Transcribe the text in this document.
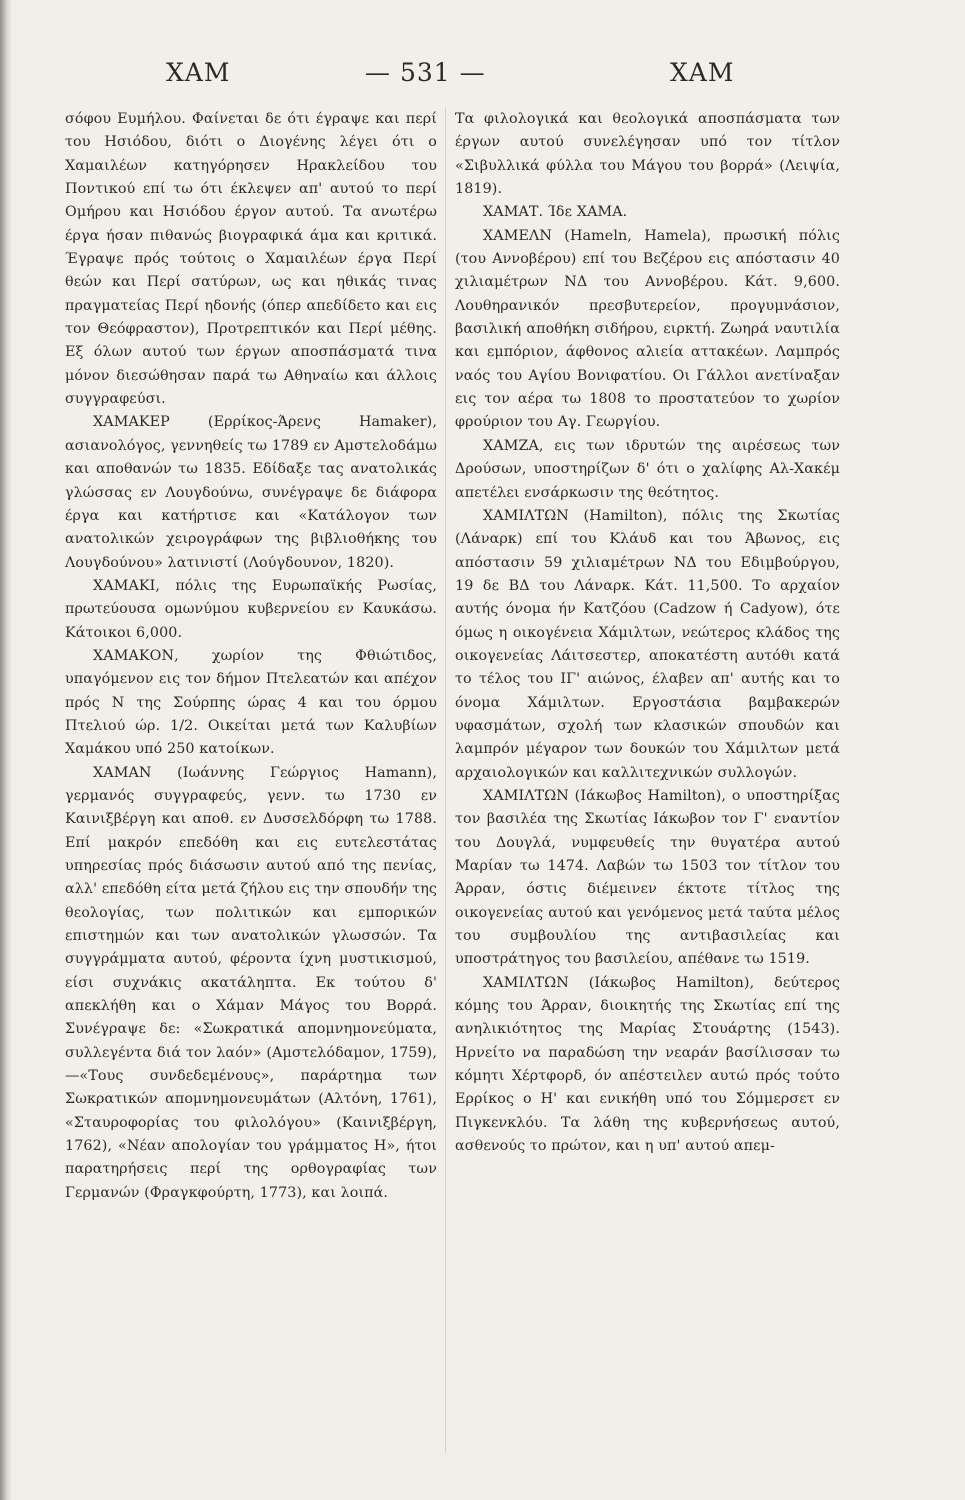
ΧΑΜ	— 531 —	ΧΑΜ

σόφου Ευμήλου. Φαίνεται δε ότι έγραψε και περί του Ησιόδου, διότι ο Διογένης λέγει ότι ο Χαμαιλέων κατηγόρησεν Ηρακλείδου του Ποντικού επί τω ότι έκλεψεν απ' αυτού το περί Ομήρου και Ησιόδου έργον αυτού. Τα ανωτέρω έργα ήσαν πιθανώς βιογραφικά άμα και κριτικά. Έγραψε πρός τούτοις ο Χαμαιλέων έργα Περί θεών και Περί σατύρων, ως και ηθικάς τινας πραγματείας Περί ηδονής (όπερ απεδίδετο και εις τον Θεόφραστον), Προτρεπτικόν και Περί μέθης. Εξ όλων αυτού των έργων αποσπάσματά τινα μόνον διεσώθησαν παρά τω Αθηναίω και άλλοις συγγραφεύσι.

ΧΑΜΑΚΕΡ (Ερρίκος-Άρενς Hamaker), ασιανολόγος, γεννηθείς τω 1789 εν Αμστελοδάμω και αποθανών τω 1835. Εδίδαξε τας ανατολικάς γλώσσας εν Λουγδούνω, συνέγραψε δε διάφορα έργα και κατήρτισε και «Κατάλογον των ανατολικών χειρογράφων της βιβλιοθήκης του Λουγδούνου» λατινιστί (Λούγδουνον, 1820).

ΧΑΜΑΚΙ, πόλις της Ευρωπαϊκής Ρωσίας, πρωτεύουσα ομωνύμου κυβερνείου εν Καυκάσω. Κάτοικοι 6,000.

ΧΑΜΑΚΟΝ, χωρίον της Φθιώτιδος, υπαγόμενον εις τον δήμον Πτελεατών και απέχον πρός Ν της Σούρπης ώρας 4 και του όρμου Πτελιού ώρ. 1/2. Οικείται μετά των Καλυβίων Χαμάκου υπό 250 κατοίκων.

ΧΑΜΑΝ (Ιωάννης Γεώργιος Hamann), γερμανός συγγραφεύς, γενν. τω 1730 εν Καινιξβέργη και αποθ. εν Δυσσελδόρφη τω 1788. Επί μακρόν επεδόθη και εις ευτελεστάτας υπηρεσίας πρός διάσωσιν αυτού από της πενίας, αλλ' επεδόθη είτα μετά ζήλου εις την σπουδήν της θεολογίας, των πολιτικών και εμπορικών επιστημών και των ανατολικών γλωσσών. Τα συγγράμματα αυτού, φέροντα ίχνη μυστικισμού, είσι συχνάκις ακατάληπτα. Εκ τούτου δ' απεκλήθη και ο Χάμαν Μάγος του Βορρά. Συνέγραψε δε: «Σωκρατικά απομνημονεύματα, συλλεγέντα διά τον λαόν» (Αμστελόδαμον, 1759),—«Τους συνδεδεμένους», παράρτημα των Σωκρατικών απομνημονευμάτων (Αλτόνη, 1761), «Σταυροφορίας του φιλολόγου» (Καινιξβέργη, 1762), «Νέαν απολογίαν του γράμματος Η», ήτοι παρατηρήσεις περί της ορθογραφίας των Γερμανών (Φραγκφούρτη, 1773), και λοιπά.

Τα φιλολογικά και θεολογικά αποσπάσματα των έργων αυτού συνελέγησαν υπό τον τίτλον «Σιβυλλικά φύλλα του Μάγου του βορρά» (Λειψία, 1819).

ΧΑΜΑΤ. Ίδε ΧΑΜΑ.

ΧΑΜΕΛΝ (Hameln, Hamela), πρωσική πόλις (του Αννοβέρου) επί του Βεζέρου εις απόστασιν 40 χιλιαμέτρων ΝΔ του Αννοβέρου. Κάτ. 9,600. Λουθηρανικόν πρεσβυτερείον, προγυμνάσιον, βασιλική αποθήκη σιδήρου, ειρκτή. Ζωηρά ναυτιλία και εμπόριον, άφθονος αλιεία αττακέων. Λαμπρός ναός του Αγίου Βονιφατίου. Οι Γάλλοι ανετίναξαν εις τον αέρα τω 1808 το προστατεύον το χωρίον φρούριον του Αγ. Γεωργίου.

ΧΑΜΖΑ, εις των ιδρυτών της αιρέσεως των Δρούσων, υποστηρίζων δ' ότι ο χαλίφης Αλ-Χακέμ απετέλει ενσάρκωσιν της θεότητος.

ΧΑΜΙΛΤΩΝ (Hamilton), πόλις της Σκωτίας (Λάναρκ) επί του Κλάυδ και του Άβωνος, εις απόστασιν 59 χιλιαμέτρων ΝΔ του Εδιμβούργου, 19 δε ΒΔ του Λάναρκ. Κάτ. 11,500. Το αρχαίον αυτής όνομα ήν Κατζόου (Cadzow ή Cadyow), ότε όμως η οικογένεια Χάμιλτων, νεώτερος κλάδος της οικογενείας Λάιτσεστερ, αποκατέστη αυτόθι κατά το τέλος του ΙΓ' αιώνος, έλαβεν απ' αυτής και το όνομα Χάμιλτων. Εργοστάσια βαμβακερών υφασμάτων, σχολή των κλασικών σπουδών και λαμπρόν μέγαρον των δουκών του Χάμιλτων μετά αρχαιολογικών και καλλιτεχνικών συλλογών.

ΧΑΜΙΛΤΩΝ (Ιάκωβος Hamilton), ο υποστηρίξας τον βασιλέα της Σκωτίας Ιάκωβον τον Γ' εναντίον του Δουγλά, νυμφευθείς την θυγατέρα αυτού Μαρίαν τω 1474. Λαβών τω 1503 τον τίτλον του Άρραν, όστις διέμεινεν έκτοτε τίτλος της οικογενείας αυτού και γενόμενος μετά ταύτα μέλος του συμβουλίου της αντιβασιλείας και υποστράτηγος του βασιλείου, απέθανε τω 1519.

ΧΑΜΙΛΤΩΝ (Ιάκωβος Hamilton), δεύτερος κόμης του Άρραν, διοικητής της Σκωτίας επί της ανηλικιότητος της Μαρίας Στουάρτης (1543). Ηρνείτο να παραδώση την νεαράν βασίλισσαν τω κόμητι Χέρτφορδ, όν απέστειλεν αυτώ πρός τούτο Ερρίκος ο Η' και ενικήθη υπό του Σόμμερσετ εν Πιγκενκλόυ. Τα λάθη της κυβερνήσεως αυτού, ασθενούς το πρώτον, και η υπ' αυτού απεμ-
